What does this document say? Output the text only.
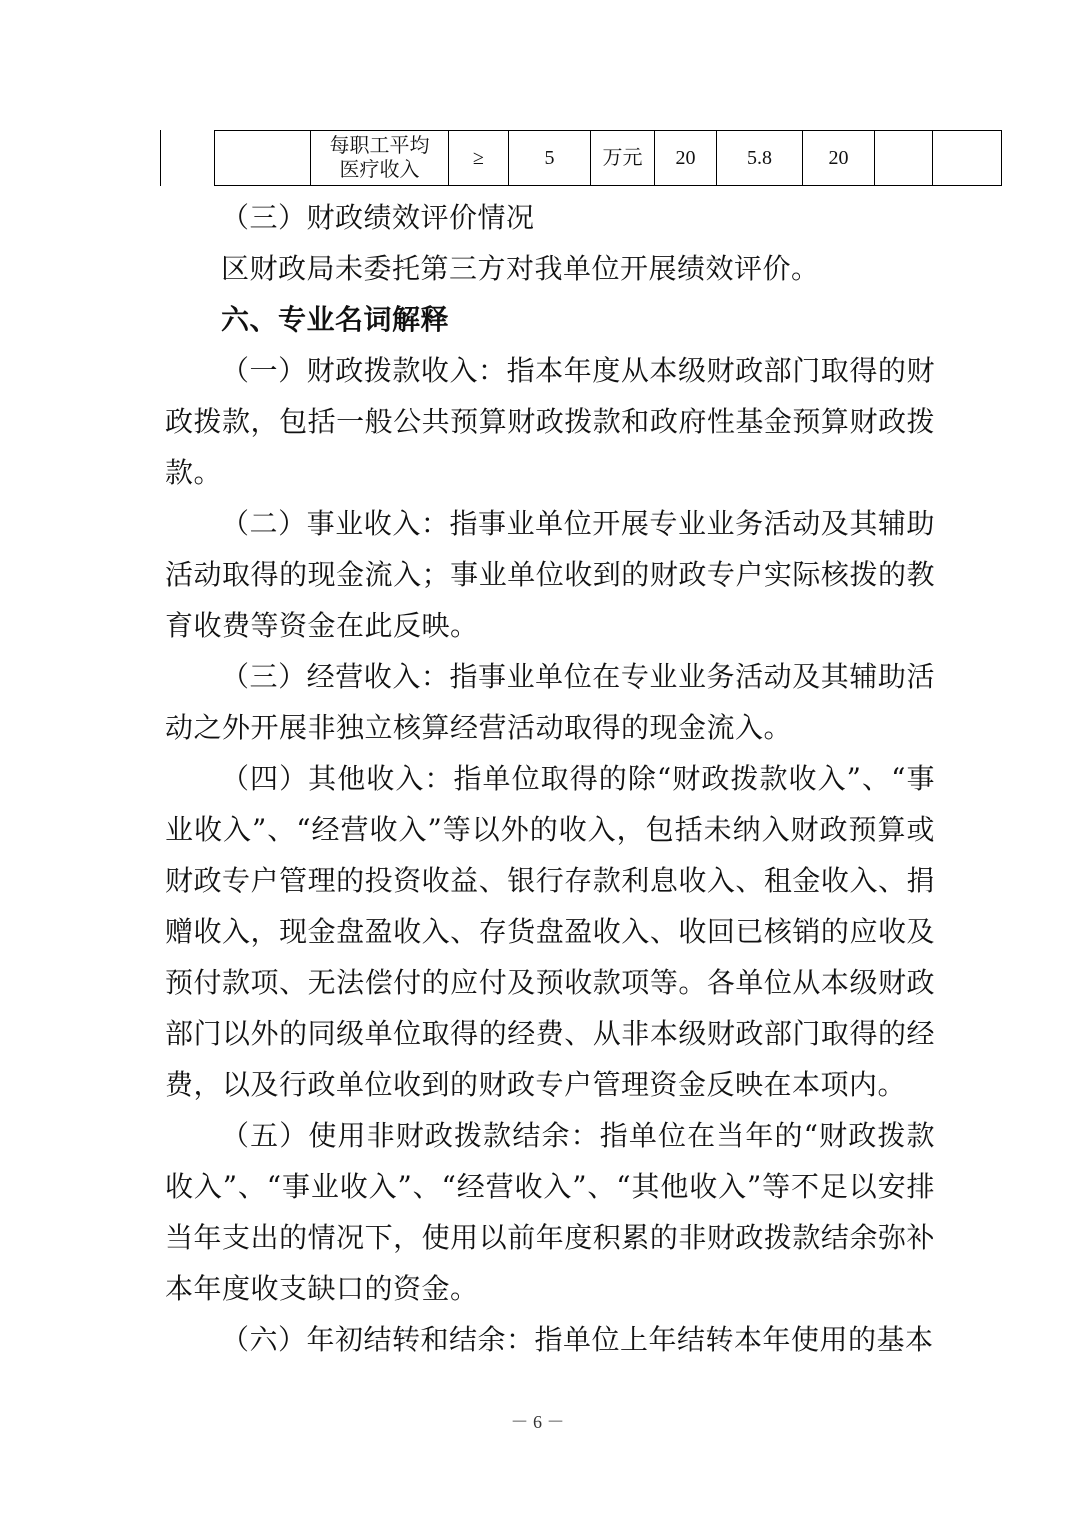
	每职工平均医疗收入	≥	5	万元	20	5.8	20		

（三）财政绩效评价情况

区财政局未委托第三方对我单位开展绩效评价。

六、专业名词解释

（一）财政拨款收入：指本年度从本级财政部门取得的财政拨款，包括一般公共预算财政拨款和政府性基金预算财政拨款。

（二）事业收入：指事业单位开展专业业务活动及其辅助活动取得的现金流入；事业单位收到的财政专户实际核拨的教育收费等资金在此反映。

（三）经营收入：指事业单位在专业业务活动及其辅助活动之外开展非独立核算经营活动取得的现金流入。

（四）其他收入：指单位取得的除“财政拨款收入”、“事业收入”、“经营收入”等以外的收入，包括未纳入财政预算或财政专户管理的投资收益、银行存款利息收入、租金收入、捐赠收入，现金盘盈收入、存货盘盈收入、收回已核销的应收及预付款项、无法偿付的应付及预收款项等。各单位从本级财政部门以外的同级单位取得的经费、从非本级财政部门取得的经费，以及行政单位收到的财政专户管理资金反映在本项内。

（五）使用非财政拨款结余：指单位在当年的“财政拨款收入”、“事业收入”、“经营收入”、“其他收入”等不足以安排当年支出的情况下，使用以前年度积累的非财政拨款结余弥补本年度收支缺口的资金。

（六）年初结转和结余：指单位上年结转本年使用的基本

－ 6 －
